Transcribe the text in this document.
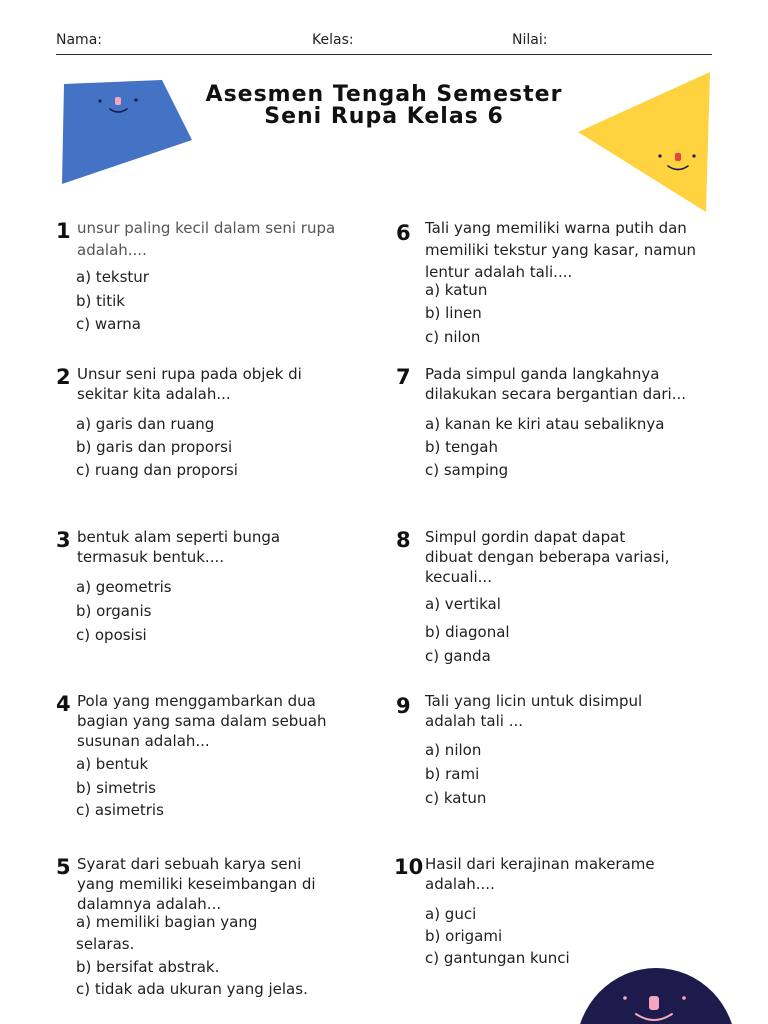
Nama:	Kelas:	Nilai:
Asesmen Tengah Semester
Seni Rupa Kelas 6
1 unsur paling kecil dalam seni rupa
adalah....
a) tekstur
b) titik
c) warna
2 Unsur seni rupa pada objek di
sekitar kita adalah...
a) garis dan ruang
b) garis dan proporsi
c) ruang dan proporsi
3 bentuk alam seperti bunga
termasuk bentuk....
a) geometris
b) organis
c) oposisi
4 Pola yang menggambarkan dua
bagian yang sama dalam sebuah
susunan adalah...
a) bentuk
b) simetris
c) asimetris
5 Syarat dari sebuah karya seni
yang memiliki keseimbangan di
dalamnya adalah...
a) memiliki bagian yang
selaras.
b) bersifat abstrak.
c) tidak ada ukuran yang jelas.
6 Tali yang memiliki warna putih dan
memiliki tekstur yang kasar, namun
lentur adalah tali....
a) katun
b) linen
c) nilon
7 Pada simpul ganda langkahnya
dilakukan secara bergantian dari...
a) kanan ke kiri atau sebaliknya
b) tengah
c) samping
8 Simpul gordin dapat dapat
dibuat dengan beberapa variasi,
kecuali...
a) vertikal
b) diagonal
c) ganda
9 Tali yang licin untuk disimpul
adalah tali ...
a) nilon
b) rami
c) katun
10 Hasil dari kerajinan makerame
adalah....
a) guci
b) origami
c) gantungan kunci
